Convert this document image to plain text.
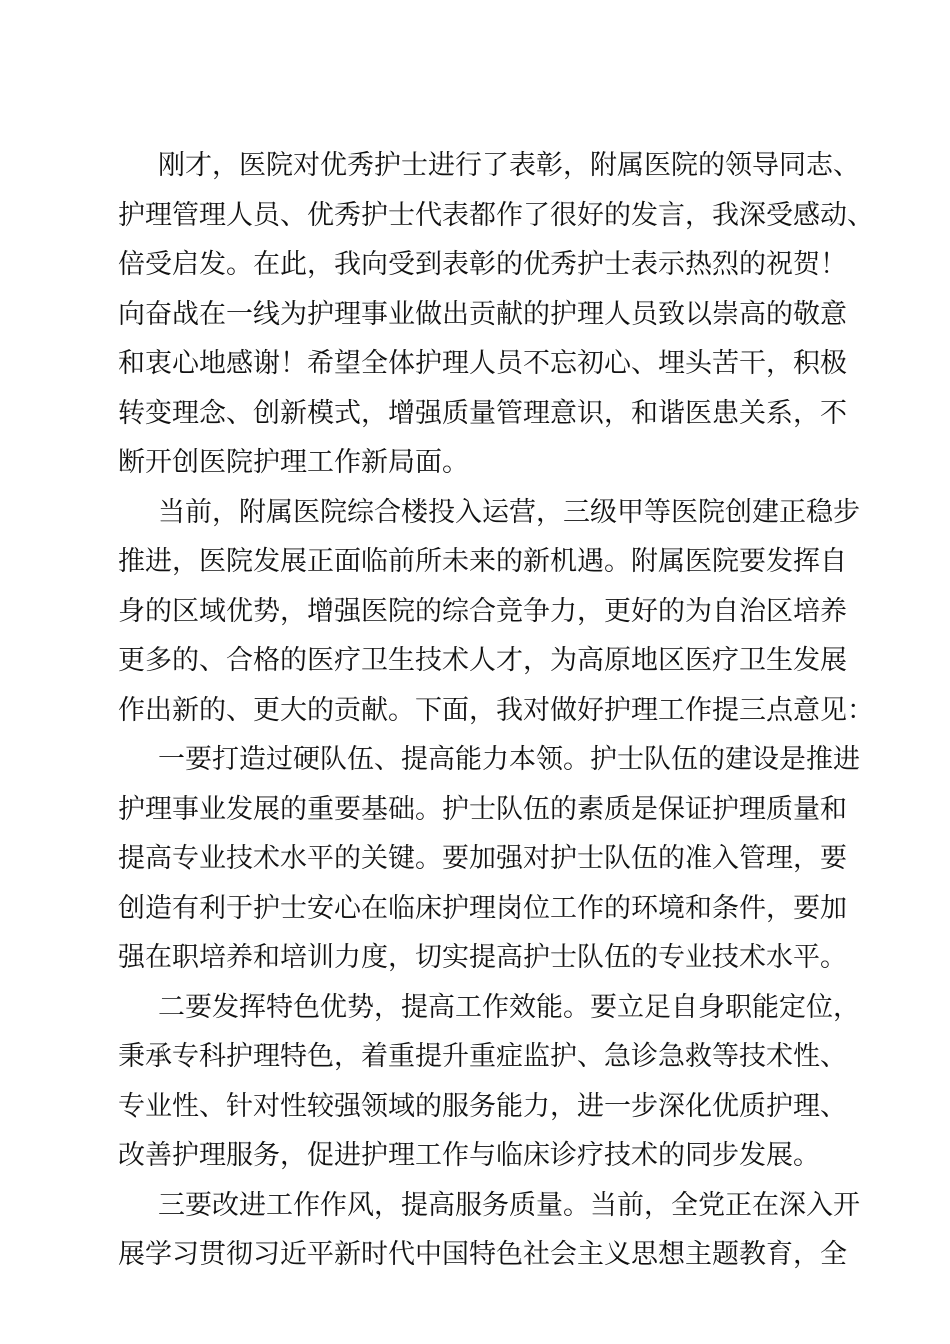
刚才，医院对优秀护士进行了表彰，附属医院的领导同志、
护理管理人员、优秀护士代表都作了很好的发言，我深受感动、
倍受启发。在此，我向受到表彰的优秀护士表示热烈的祝贺！
向奋战在一线为护理事业做出贡献的护理人员致以崇高的敬意
和衷心地感谢！希望全体护理人员不忘初心、埋头苦干，积极
转变理念、创新模式，增强质量管理意识，和谐医患关系，不
断开创医院护理工作新局面。
当前，附属医院综合楼投入运营，三级甲等医院创建正稳步
推进，医院发展正面临前所未来的新机遇。附属医院要发挥自
身的区域优势，增强医院的综合竞争力，更好的为自治区培养
更多的、合格的医疗卫生技术人才，为高原地区医疗卫生发展
作出新的、更大的贡献。下面，我对做好护理工作提三点意见：
一要打造过硬队伍、提高能力本领。护士队伍的建设是推进
护理事业发展的重要基础。护士队伍的素质是保证护理质量和
提高专业技术水平的关键。要加强对护士队伍的准入管理，要
创造有利于护士安心在临床护理岗位工作的环境和条件，要加
强在职培养和培训力度，切实提高护士队伍的专业技术水平。
二要发挥特色优势，提高工作效能。要立足自身职能定位，
秉承专科护理特色，着重提升重症监护、急诊急救等技术性、
专业性、针对性较强领域的服务能力，进一步深化优质护理、
改善护理服务，促进护理工作与临床诊疗技术的同步发展。
三要改进工作作风，提高服务质量。当前，全党正在深入开
展学习贯彻习近平新时代中国特色社会主义思想主题教育，全
